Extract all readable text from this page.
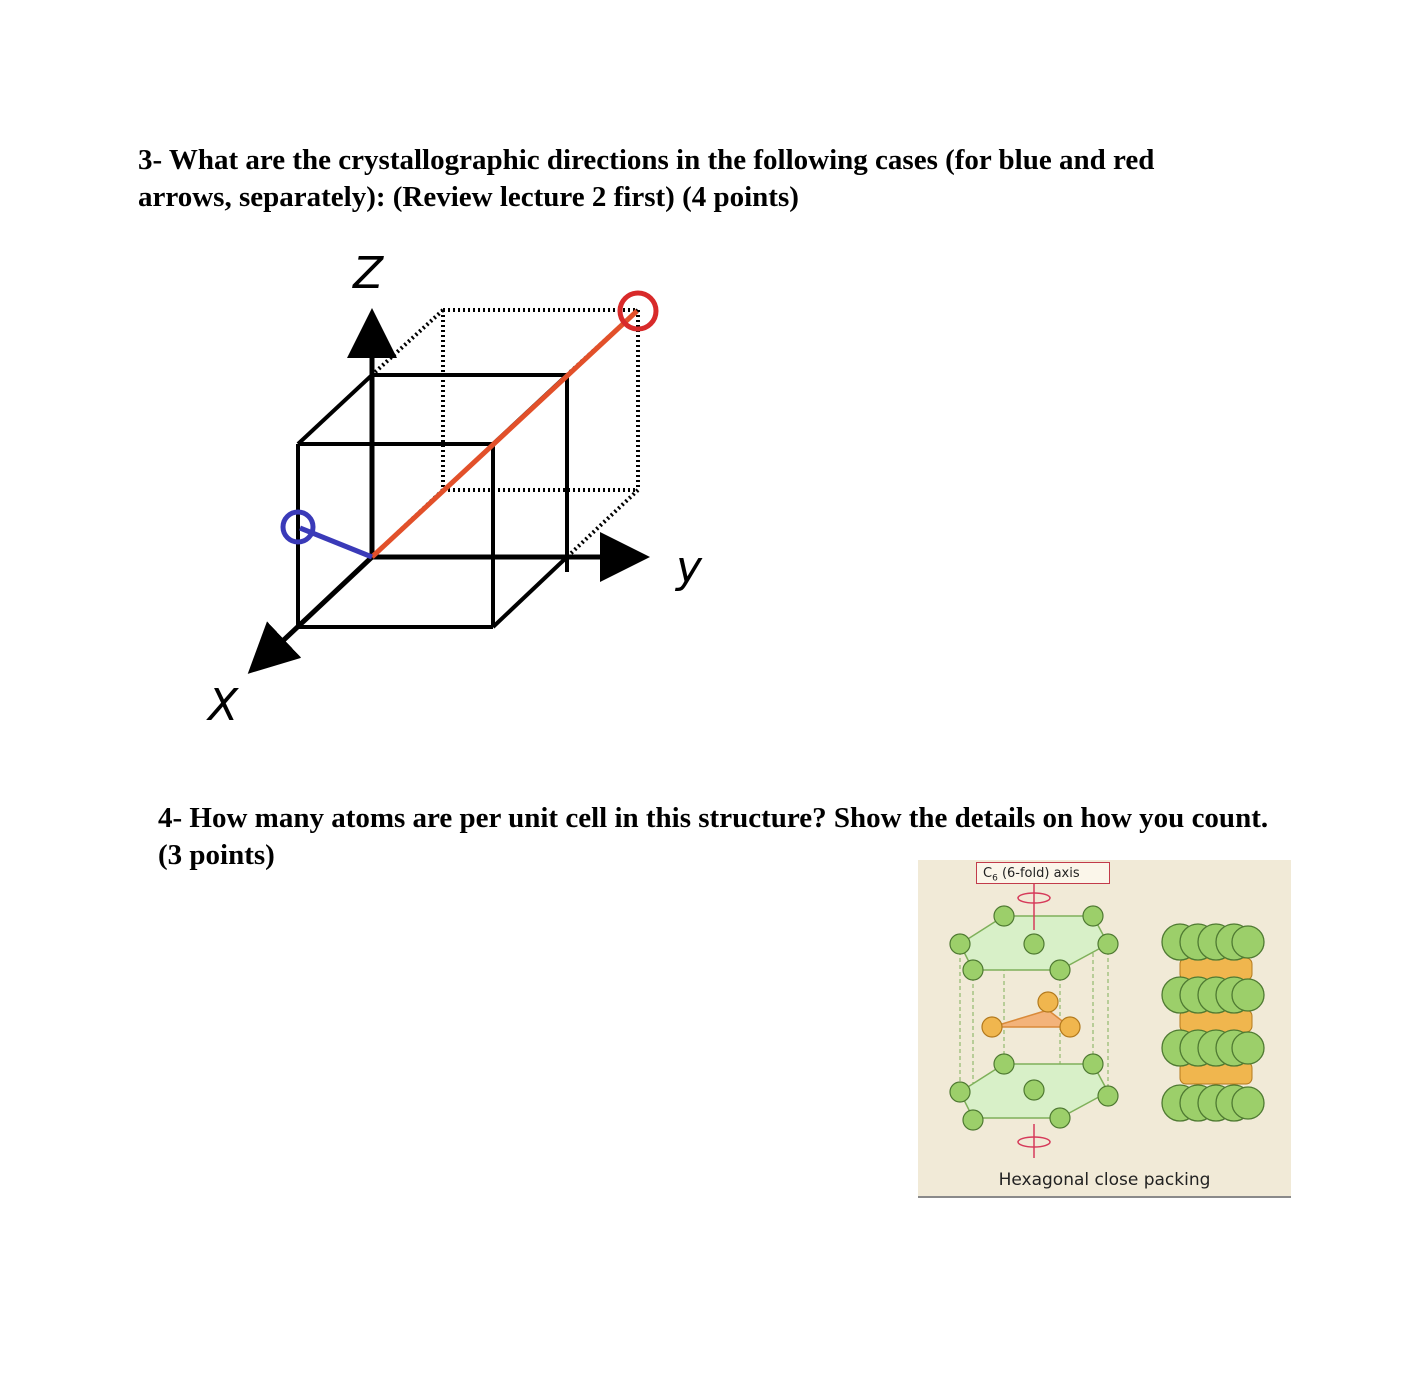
3- What are the crystallographic directions in the following cases (for blue and red
arrows, separately): (Review lecture 2 first) (4 points)

Z
y
X

4- How many atoms are per unit cell in this structure? Show the details on how you count.
(3 points)

$C_6$ (6-fold) axis
Hexagonal close packing
